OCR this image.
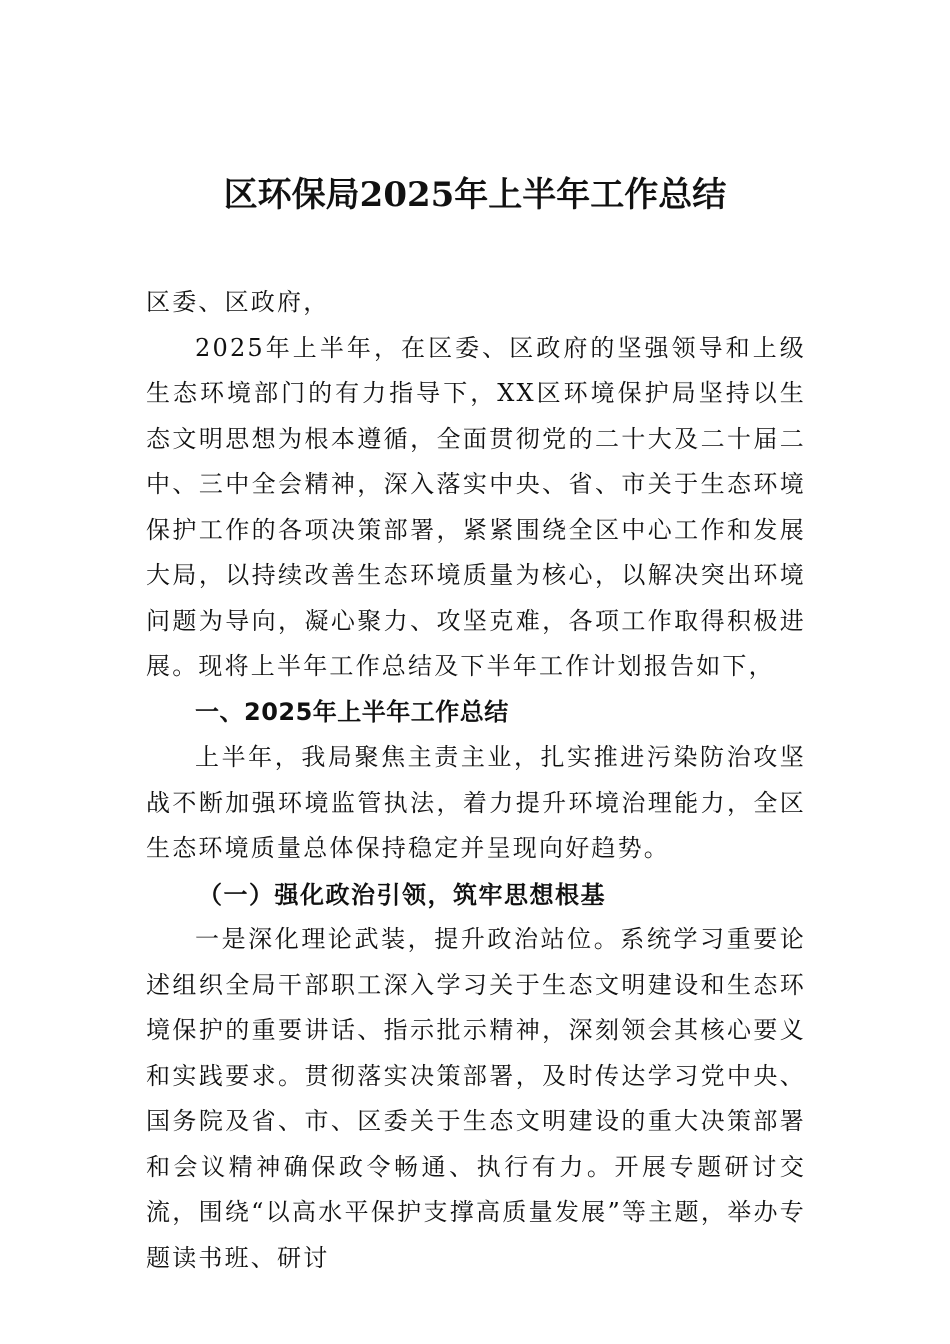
区环保局2025年上半年工作总结

区委、区政府，

2025年上半年，在区委、区政府的坚强领导和上级生态环境部门的有力指导下，XX区环境保护局坚持以生态文明思想为根本遵循，全面贯彻党的二十大及二十届二中、三中全会精神，深入落实中央、省、市关于生态环境保护工作的各项决策部署，紧紧围绕全区中心工作和发展大局，以持续改善生态环境质量为核心，以解决突出环境问题为导向，凝心聚力、攻坚克难，各项工作取得积极进展。现将上半年工作总结及下半年工作计划报告如下，

一、2025年上半年工作总结

上半年，我局聚焦主责主业，扎实推进污染防治攻坚战不断加强环境监管执法，着力提升环境治理能力，全区生态环境质量总体保持稳定并呈现向好趋势。

（一）强化政治引领，筑牢思想根基

一是深化理论武装，提升政治站位。系统学习重要论述组织全局干部职工深入学习关于生态文明建设和生态环境保护的重要讲话、指示批示精神，深刻领会其核心要义和实践要求。贯彻落实决策部署，及时传达学习党中央、国务院及省、市、区委关于生态文明建设的重大决策部署和会议精神确保政令畅通、执行有力。开展专题研讨交流，围绕“以高水平保护支撑高质量发展”等主题，举办专题读书班、研讨
